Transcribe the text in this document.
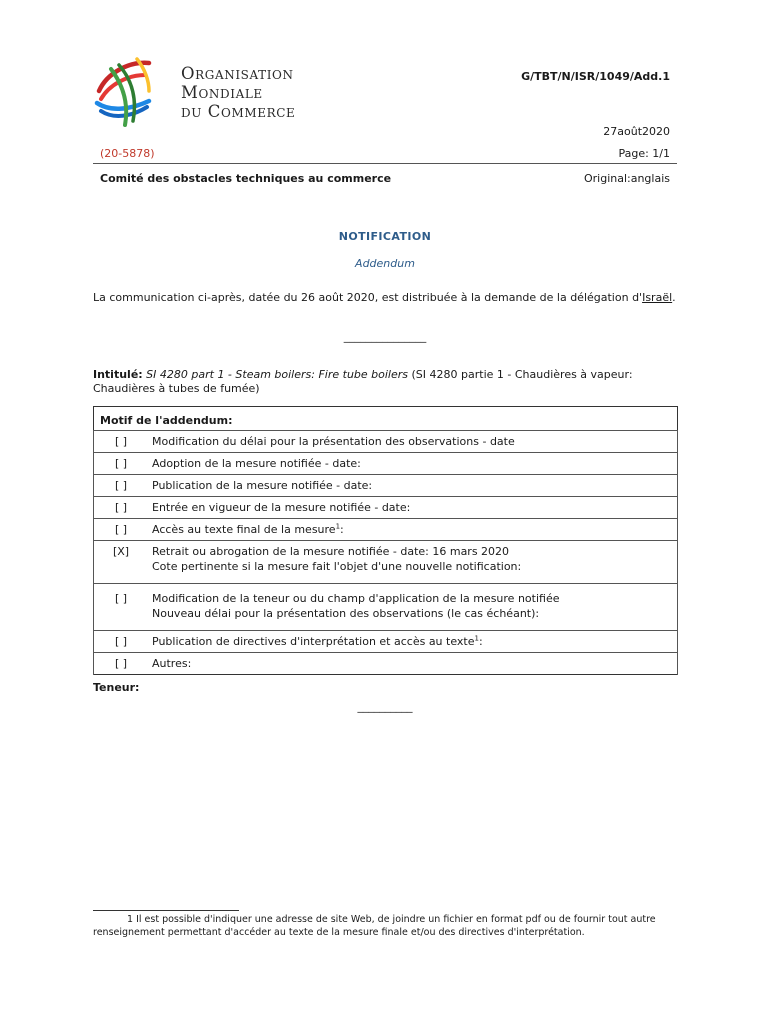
Organisation
Mondiale
du Commerce
G/TBT/N/ISR/1049/Add.1
27août2020
(20-5878)	Page: 1/1
Comité des obstacles techniques au commerce	Original:anglais
NOTIFICATION
Addendum
La communication ci-après, datée du 26 août 2020, est distribuée à la demande de la délégation d'Israël.
_______________
Intitulé: SI 4280 part 1 - Steam boilers: Fire tube boilers (SI 4280 partie 1 - Chaudières à vapeur: Chaudières à tubes de fumée)
Motif de l'addendum:	
[ ]	Modification du délai pour la présentation des observations - date
[ ]	Adoption de la mesure notifiée - date:
[ ]	Publication de la mesure notifiée - date:
[ ]	Entrée en vigueur de la mesure notifiée - date:
[ ]	Accès au texte final de la mesure$^1$:
[X]	Retrait ou abrogation de la mesure notifiée - date: 16 mars 2020
Cote pertinente si la mesure fait l'objet d'une nouvelle notification:

[ ]	Modification de la teneur ou du champ d'application de la mesure notifiée
Nouveau délai pour la présentation des observations (le cas échéant):

[ ]	Publication de directives d'interprétation et accès au texte$^1$:
[ ]	Autres:
Teneur:
__________
1 Il est possible d'indiquer une adresse de site Web, de joindre un fichier en format pdf ou de fournir tout autre renseignement permettant d'accéder au texte de la mesure finale et/ou des directives d'interprétation.
